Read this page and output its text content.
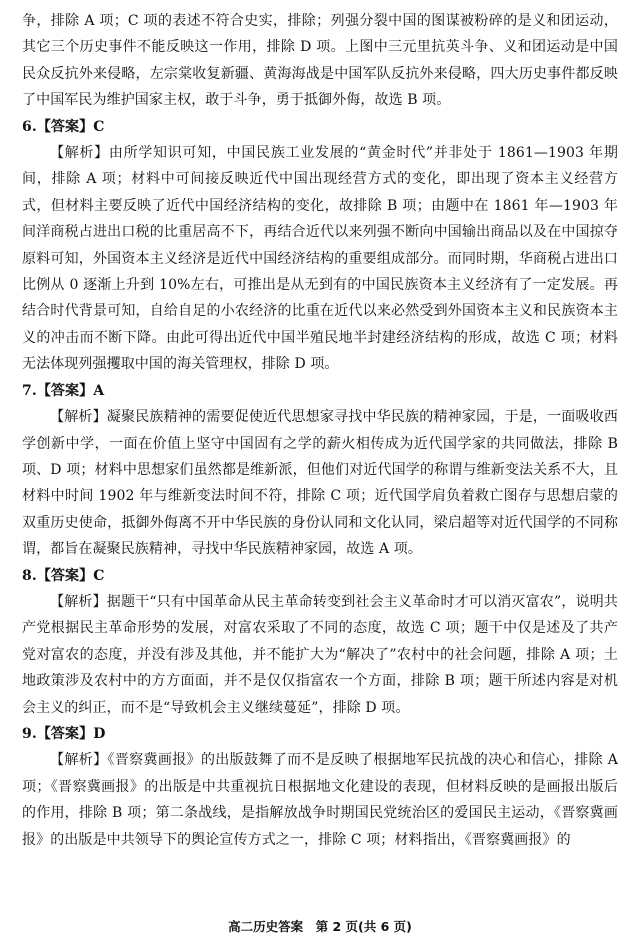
争，排除 A 项；C 项的表述不符合史实，排除；列强分裂中国的图谋被粉碎的是义和团运动，其它三个历史事件不能反映这一作用，排除 D 项。上图中三元里抗英斗争、义和团运动是中国民众反抗外来侵略，左宗棠收复新疆、黄海海战是中国军队反抗外来侵略，四大历史事件都反映了中国军民为维护国家主权，敢于斗争，勇于抵御外侮，故选 B 项。

6.【答案】C

【解析】由所学知识可知，中国民族工业发展的“黄金时代”并非处于 1861—1903 年期间，排除 A 项；材料中可间接反映近代中国出现经营方式的变化，即出现了资本主义经营方式，但材料主要反映了近代中国经济结构的变化，故排除 B 项；由题中在 1861 年—1903 年间洋商税占进出口税的比重居高不下，再结合近代以来列强不断向中国输出商品以及在中国掠夺原料可知，外国资本主义经济是近代中国经济结构的重要组成部分。而同时期，华商税占进出口比例从 0 逐渐上升到 10%左右，可推出是从无到有的中国民族资本主义经济有了一定发展。再结合时代背景可知，自给自足的小农经济的比重在近代以来必然受到外国资本主义和民族资本主义的冲击而不断下降。由此可得出近代中国半殖民地半封建经济结构的形成，故选 C 项；材料无法体现列强攫取中国的海关管理权，排除 D 项。

7.【答案】A

【解析】凝聚民族精神的需要促使近代思想家寻找中华民族的精神家园，于是，一面吸收西学创新中学，一面在价值上坚守中国固有之学的薪火相传成为近代国学家的共同做法，排除 B 项、D 项；材料中思想家们虽然都是维新派，但他们对近代国学的称谓与维新变法关系不大，且材料中时间 1902 年与维新变法时间不符，排除 C 项；近代国学肩负着救亡图存与思想启蒙的双重历史使命，抵御外侮离不开中华民族的身份认同和文化认同，梁启超等对近代国学的不同称谓，都旨在凝聚民族精神，寻找中华民族精神家园，故选 A 项。

8.【答案】C

【解析】据题干“只有中国革命从民主革命转变到社会主义革命时才可以消灭富农”，说明共产党根据民主革命形势的发展，对富农采取了不同的态度，故选 C 项；题干中仅是述及了共产党对富农的态度，并没有涉及其他，并不能扩大为“解决了”农村中的社会问题，排除 A 项；土地政策涉及农村中的方方面面，并不是仅仅指富农一个方面，排除 B 项；题干所述内容是对机会主义的纠正，而不是“导致机会主义继续蔓延”，排除 D 项。

9.【答案】D

【解析】《晋察冀画报》的出版鼓舞了而不是反映了根据地军民抗战的决心和信心，排除 A 项；《晋察冀画报》的出版是中共重视抗日根据地文化建设的表现，但材料反映的是画报出版后的作用，排除 B 项；第二条战线，是指解放战争时期国民党统治区的爱国民主运动，《晋察冀画报》的出版是中共领导下的舆论宣传方式之一，排除 C 项；材料指出，《晋察冀画报》的

高二历史答案　第 2 页(共 6 页)
